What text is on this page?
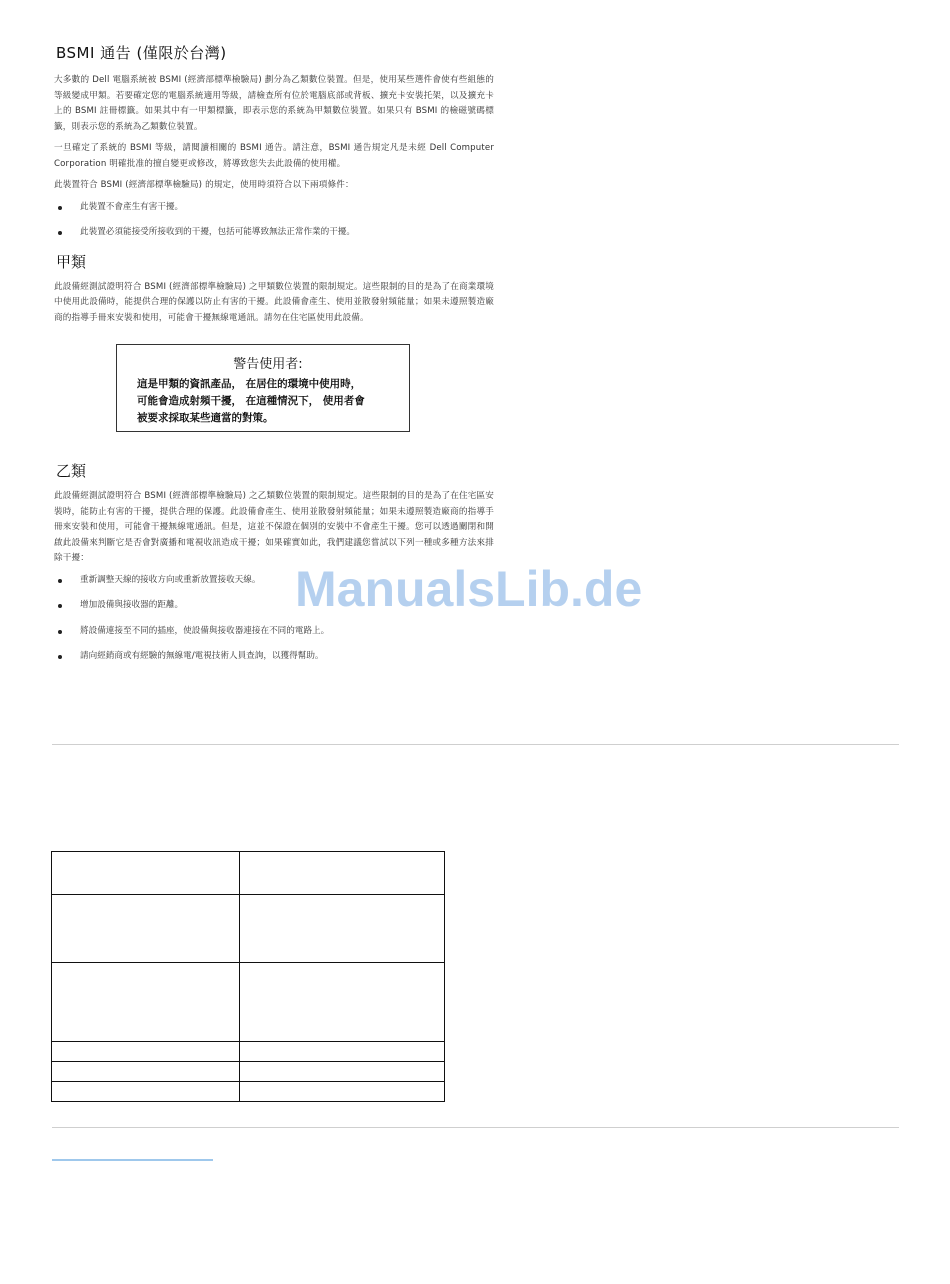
BSMI 通告 (僅限於台灣)

大多數的 Dell 電腦系統被 BSMI (經濟部標準檢驗局) 劃分為乙類數位裝置。但是，使用某些選件會使有些組態的等級變成甲類。若要確定您的電腦系統適用等級，請檢查所有位於電腦底部或背板、擴充卡安裝托架，以及擴充卡上的 BSMI 註冊標籤。如果其中有一甲類標籤，即表示您的系統為甲類數位裝置。如果只有 BSMI 的檢磁號碼標籤，則表示您的系統為乙類數位裝置。

一旦確定了系統的 BSMI 等級，請閱讀相關的 BSMI 通告。請注意，BSMI 通告規定凡是未經 Dell Computer Corporation 明確批准的擅自變更或修改，將導致您失去此設備的使用權。

此裝置符合 BSMI (經濟部標準檢驗局) 的規定，使用時須符合以下兩項條件：

此裝置不會產生有害干擾。
此裝置必須能接受所接收到的干擾，包括可能導致無法正常作業的干擾。
甲類

此設備經測試證明符合 BSMI (經濟部標準檢驗局) 之甲類數位裝置的限制規定。這些限制的目的是為了在商業環境中使用此設備時，能提供合理的保護以防止有害的干擾。此設備會產生、使用並散發射頻能量；如果未遵照製造廠商的指導手冊來安裝和使用，可能會干擾無線電通訊。請勿在住宅區使用此設備。

警告使用者:
這是甲類的資訊產品， 在居住的環境中使用時，
可能會造成射頻干擾， 在這種情況下， 使用者會
被要求採取某些適當的對策。
乙類

此設備經測試證明符合 BSMI (經濟部標準檢驗局) 之乙類數位裝置的限制規定。這些限制的目的是為了在住宅區安裝時，能防止有害的干擾，提供合理的保護。此設備會產生、使用並散發射頻能量；如果未遵照製造廠商的指導手冊來安裝和使用，可能會干擾無線電通訊。但是，這並不保證在個別的安裝中不會產生干擾。您可以透過關閉和開啟此設備來判斷它是否會對廣播和電視收訊造成干擾；如果確實如此，我們建議您嘗試以下列一種或多種方法來排除干擾：

重新調整天線的接收方向或重新放置接收天線。
增加設備與接收器的距離。
將設備連接至不同的插座，使設備與接收器連接在不同的電路上。
請向經銷商或有經驗的無線電/電視技術人員查詢，以獲得幫助。
ManualsLib.de
